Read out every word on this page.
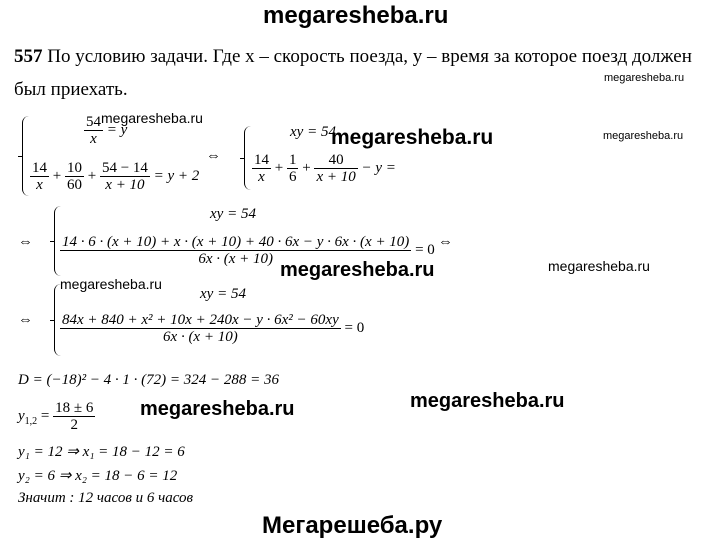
megaresheba.ru
Мегарешеба.ру
557 По условию задачи. Где x – скорость поезда, y – время за которое поезд должен
megaresheba.ru
был приехать.
$\frac{54}{x} = y$
megaresheba.ru
$\frac{14}{x} + \frac{10}{60} + \frac{54 - 14}{x + 10} = y + 2$
⇔
xy = 54
megaresheba.ru	megaresheba.ru
$\frac{14}{x} + \frac{1}{6} + \frac{40}{x + 10} - y$ =
⇔
xy = 54
14 · 6 · (x + 10) + x · (x + 10) + 40 · 6x − y · 6x · (x + 10)
6x · (x + 10)
= 0 ⇔
megaresheba.ru	megaresheba.ru
megaresheba.ru
⇔
xy = 54
$\frac{\text{84x + 840 + x² + 10x + 240x − y · 6x² − 60xy}}{6x \cdot (x + 10)} = 0$
D = (−18)² − 4 · 1 · (72) = 324 − 288 = 36
$y_{1,2} = \frac{18 \pm 6}{2}$ megaresheba.ru	megaresheba.ru
y₁ = 12 ⇒ x₁ = 18 − 12 = 6
y₂ = 6 ⇒ x₂ = 18 − 6 = 12
Значит : 12 часов и 6 часов
